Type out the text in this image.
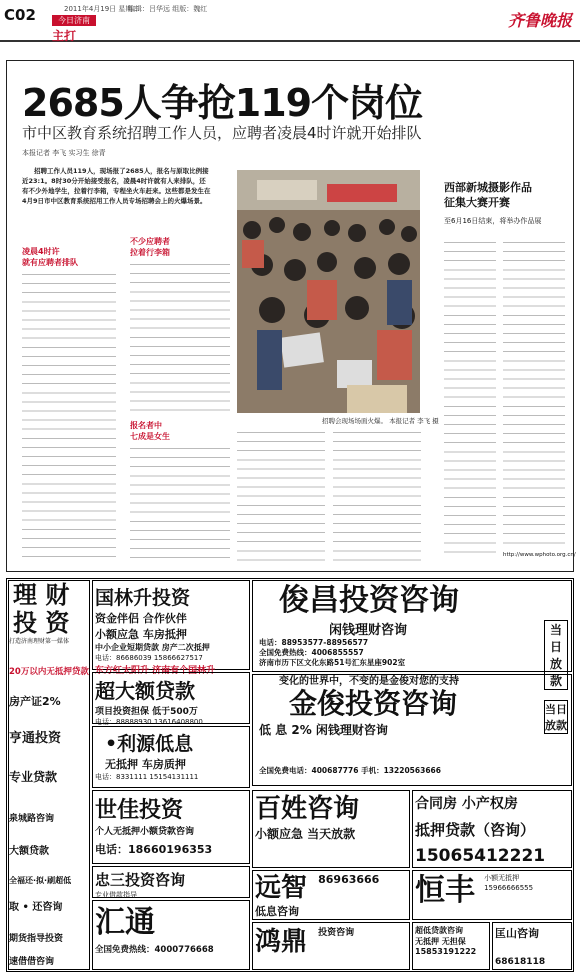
C02	2011年4月19日 星期二
编辑：吕华远 组版：魏红
今日济南
主打
齐鲁晚报
2685人争抢119个岗位
市中区教育系统招聘工作人员，应聘者凌晨4时许就开始排队
本报记者 李飞 实习生 徐青
招聘工作人员119人，现场报了2685人，报名与原取比例接近23:1。8时30分开始接受报名，凌晨4时许就有人来排队，还有不少外地学生，拉着行李箱，专程坐火车赶来。这些都是发生在4月9日市中区教育系统招用工作人员专场招聘会上的火爆场景。
招聘会现场场面火爆。 本报记者 李飞 摄
凌晨4时许
就有应聘者排队
不少应聘者
拉着行李箱
报名者中
七成是女生
西部新城摄影作品
征集大赛开赛
至6月16日结束，将举办作品展
http://www.wphoto.org.cn/
理 财
投 资
打造济南理财第一媒体
20万以内无抵押贷款
房产证2%
亨通投资
专业贷款
泉城路咨询
大额贷款
全福还·拟·刷超低
取 • 还咨询
期货指导投资
速借借咨询
国林升投资
资金伴侣 合作伙伴
小额应急 车房抵押
中小企业短期贷款 房产二次抵押
电话：86686039 15866627517
东方红太阳升 济南有个国林升
俊昌投资咨询
闲钱理财咨询
电话：88953577-88956577
全国免费热线：4006855557
济南市历下区文化东路51号汇东星座902室
当日放款
超大额贷款
项目投资担保 低于500万
电话：88888930 13616408800
•利源低息
无抵押 车房质押
电话：8331111 15154131111
变化的世界中，不变的是金俊对您的支持
金俊投资咨询
低 息 2% 闲钱理财咨询
全国免费电话：400687776 手机：13220563666
当日放款
世佳投资
个人无抵押小额贷款咨询
电话：18660196353
忠三投资咨询
专业借款指导
汇通
全国免费热线：4000776668
百姓咨询
小额应急 当天放款
合同房 小产权房
抵押贷款（咨询）
15065412221
远智 86963666
低息咨询
恒丰 小额无抵押
15966666555
鸿鼎 投资咨询	超低贷款咨询
无抵押 无担保
15853191222
匡山咨询
68618118
